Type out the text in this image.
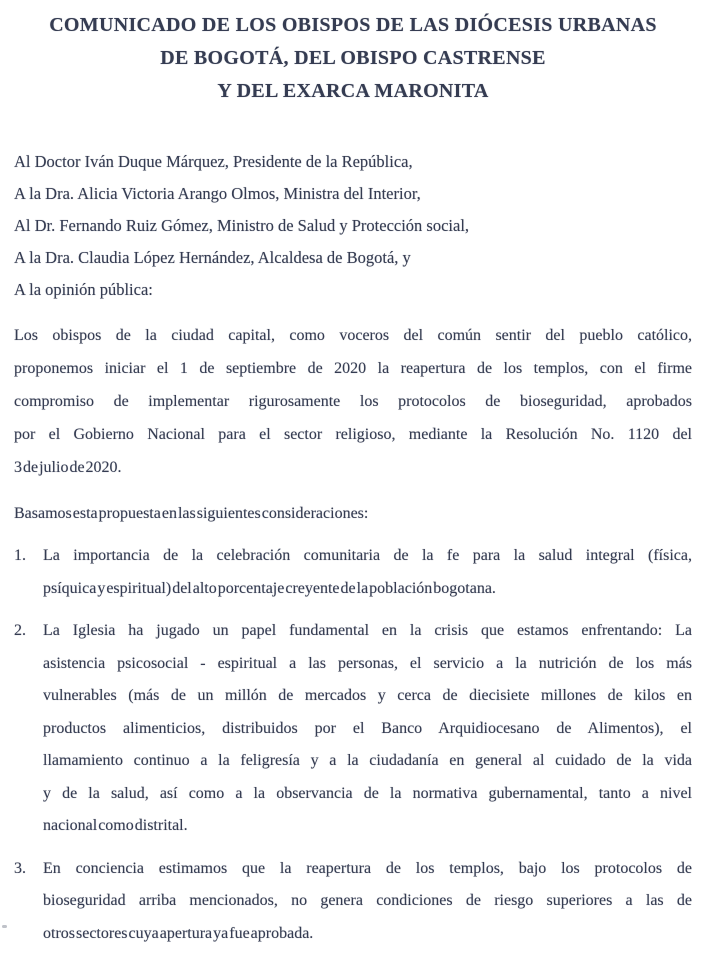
COMUNICADO DE LOS OBISPOS DE LAS DIÓCESIS URBANAS
DE BOGOTÁ, DEL OBISPO CASTRENSE
Y DEL EXARCA MARONITA
Al Doctor Iván Duque Márquez, Presidente de la República,
A la Dra. Alicia Victoria Arango Olmos, Ministra del Interior,
Al Dr. Fernando Ruiz Gómez, Ministro de Salud y Protección social,
A la Dra. Claudia López Hernández, Alcaldesa de Bogotá, y
A la opinión pública:
Los obispos de la ciudad capital, como voceros del común sentir del pueblo católico,
proponemos iniciar el 1 de septiembre de 2020 la reapertura de los templos, con el firme
compromiso de implementar rigurosamente los protocolos de bioseguridad, aprobados
por el Gobierno Nacional para el sector religioso, mediante la Resolución No. 1120 del
3 de julio de 2020.
Basamos esta propuesta en las siguientes consideraciones:
1.	La importancia de la celebración comunitaria de la fe para la salud integral (física,
psíquica y espiritual) del alto porcentaje creyente de la población bogotana.
2.	La Iglesia ha jugado un papel fundamental en la crisis que estamos enfrentando: La
asistencia psicosocial - espiritual a las personas, el servicio a la nutrición de los más
vulnerables (más de un millón de mercados y cerca de diecisiete millones de kilos en
productos alimenticios, distribuidos por el Banco Arquidiocesano de Alimentos), el
llamamiento continuo a la feligresía y a la ciudadanía en general al cuidado de la vida
y de la salud, así como a la observancia de la normativa gubernamental, tanto a nivel
nacional como distrital.
3.	En conciencia estimamos que la reapertura de los templos, bajo los protocolos de
bioseguridad arriba mencionados, no genera condiciones de riesgo superiores a las de
otros sectores cuya apertura ya fue aprobada.
